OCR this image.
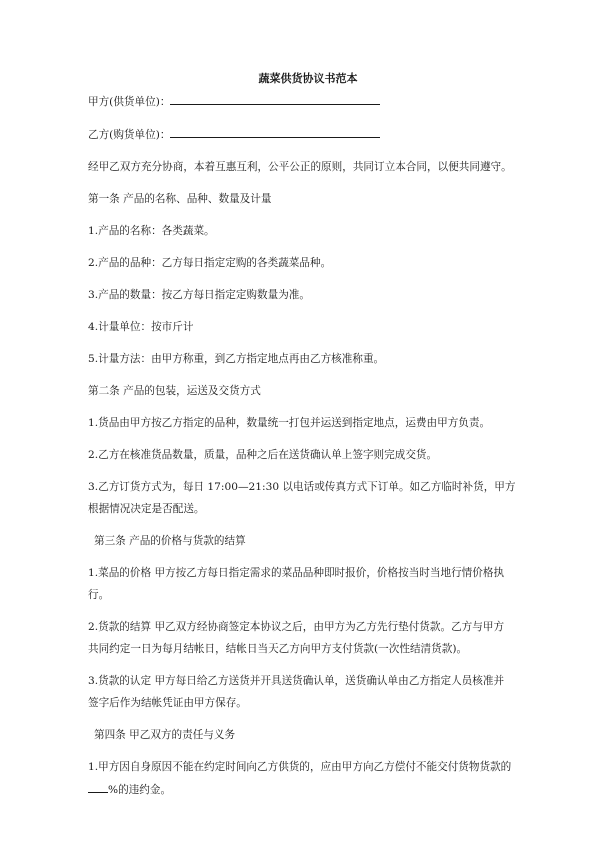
蔬菜供货协议书范本
甲方(供货单位)：
乙方(购货单位)：
经甲乙双方充分协商，本着互惠互利，公平公正的原则，共同订立本合同，以便共同遵守。
第一条 产品的名称、品种、数量及计量
1.产品的名称：各类蔬菜。
2.产品的品种：乙方每日指定定购的各类蔬菜品种。
3.产品的数量：按乙方每日指定定购数量为准。
4.计量单位：按市斤计
5.计量方法：由甲方称重，到乙方指定地点再由乙方核准称重。
第二条 产品的包装，运送及交货方式
1.货品由甲方按乙方指定的品种，数量统一打包并运送到指定地点，运费由甲方负责。
2.乙方在核准货品数量，质量，品种之后在送货确认单上签字则完成交货。
3.乙方订货方式为，每日 17:00—21:30 以电话或传真方式下订单。如乙方临时补货，甲方
根据情况决定是否配送。
第三条 产品的价格与货款的结算
1.菜品的价格 甲方按乙方每日指定需求的菜品品种即时报价，价格按当时当地行情价格执
行。
2.货款的结算 甲乙双方经协商签定本协议之后，由甲方为乙方先行垫付货款。乙方与甲方
共同约定一日为每月结帐日，结帐日当天乙方向甲方支付货款(一次性结清货款)。
3.货款的认定 甲方每日给乙方送货并开具送货确认单，送货确认单由乙方指定人员核准并
签字后作为结帐凭证由甲方保存。
第四条 甲乙双方的责任与义务
1.甲方因自身原因不能在约定时间向乙方供货的，应由甲方向乙方偿付不能交付货物货款的
%的违约金。
